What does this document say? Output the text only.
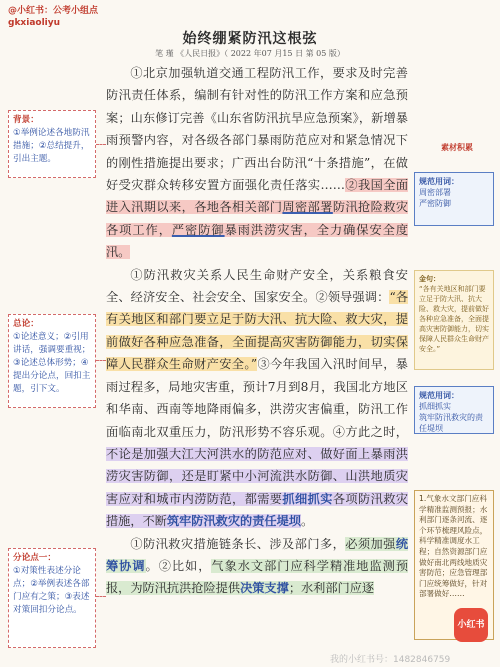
@小红书：公考小组点
gkxiaoliyu
始终绷紧防汛这根弦
笔 瑾 《人民日报》（ 2022 年07 月15 日 第 05 版）

①北京加强轨道交通工程防汛工作，要求及时完善防汛责任体系，编制有针对性的防汛工作方案和应急预案；山东修订完善《山东省防汛抗旱应急预案》，新增暴雨预警内容，对各级各部门暴雨防范应对和紧急情况下的刚性措施提出要求；广西出台防汛“十条措施”，在做好受灾群众转移安置方面强化责任落实……②我国全面进入汛期以来，各地各相关部门周密部署防汛抢险救灾各项工作，严密防御暴雨洪涝灾害，全力确保安全度汛。

①防汛救灾关系人民生命财产安全，关系粮食安全、经济安全、社会安全、国家安全。②领导强调：“各有关地区和部门要立足于防大汛、抗大险、救大灾，提前做好各种应急准备，全面提高灾害防御能力，切实保障人民群众生命财产安全。”③今年我国入汛时间早，暴雨过程多，局地灾害重，预计7月到8月，我国北方地区和华南、西南等地降雨偏多，洪涝灾害偏重，防汛工作面临南北双重压力，防汛形势不容乐观。④方此之时，不论是加强大江大河洪水的防范应对、做好面上暴雨洪涝灾害防御，还是盯紧中小河流洪水防御、山洪地质灾害应对和城市内涝防范，都需要抓细抓实各项防汛救灾措施，不断筑牢防汛救灾的责任堤坝。

①防汛救灾措施链条长、涉及部门多，必须加强统筹协调。②比如，气象水文部门应科学精准地监测预报，为防汛抗洪抢险提供决策支撑；水利部门应逐

背景：
①举例论述各地防汛措施；②总结提升，引出主题。
总论：
①论述意义；②引用讲话，强调要重视；③论述总体形势；④提出分论点，回扣主题，引下文。
分论点一：
①对策性表述分论点；②举例表述各部门应有之策；③表述对策回扣分论点。
素材积累
规范用词：
周密部署
严密防御
金句：
“各有关地区和部门要立足于防大汛、抗大险、救大灾，提前做好各种应急准备，全面提高灾害防御能力，切实保障人民群众生命财产安全。”
规范用词：
抓细抓实
筑牢防汛救灾的责任堤坝
1.气象水文部门应科学精准监测预报；水利部门逐条河流、逐个环节梳理风险点，科学精准调度水工程；自然资源部门应做好南北两线地质灾害防范；应急管理部门应统筹做好，针对部署做好……
我的小红书号：1482846759
小红书
